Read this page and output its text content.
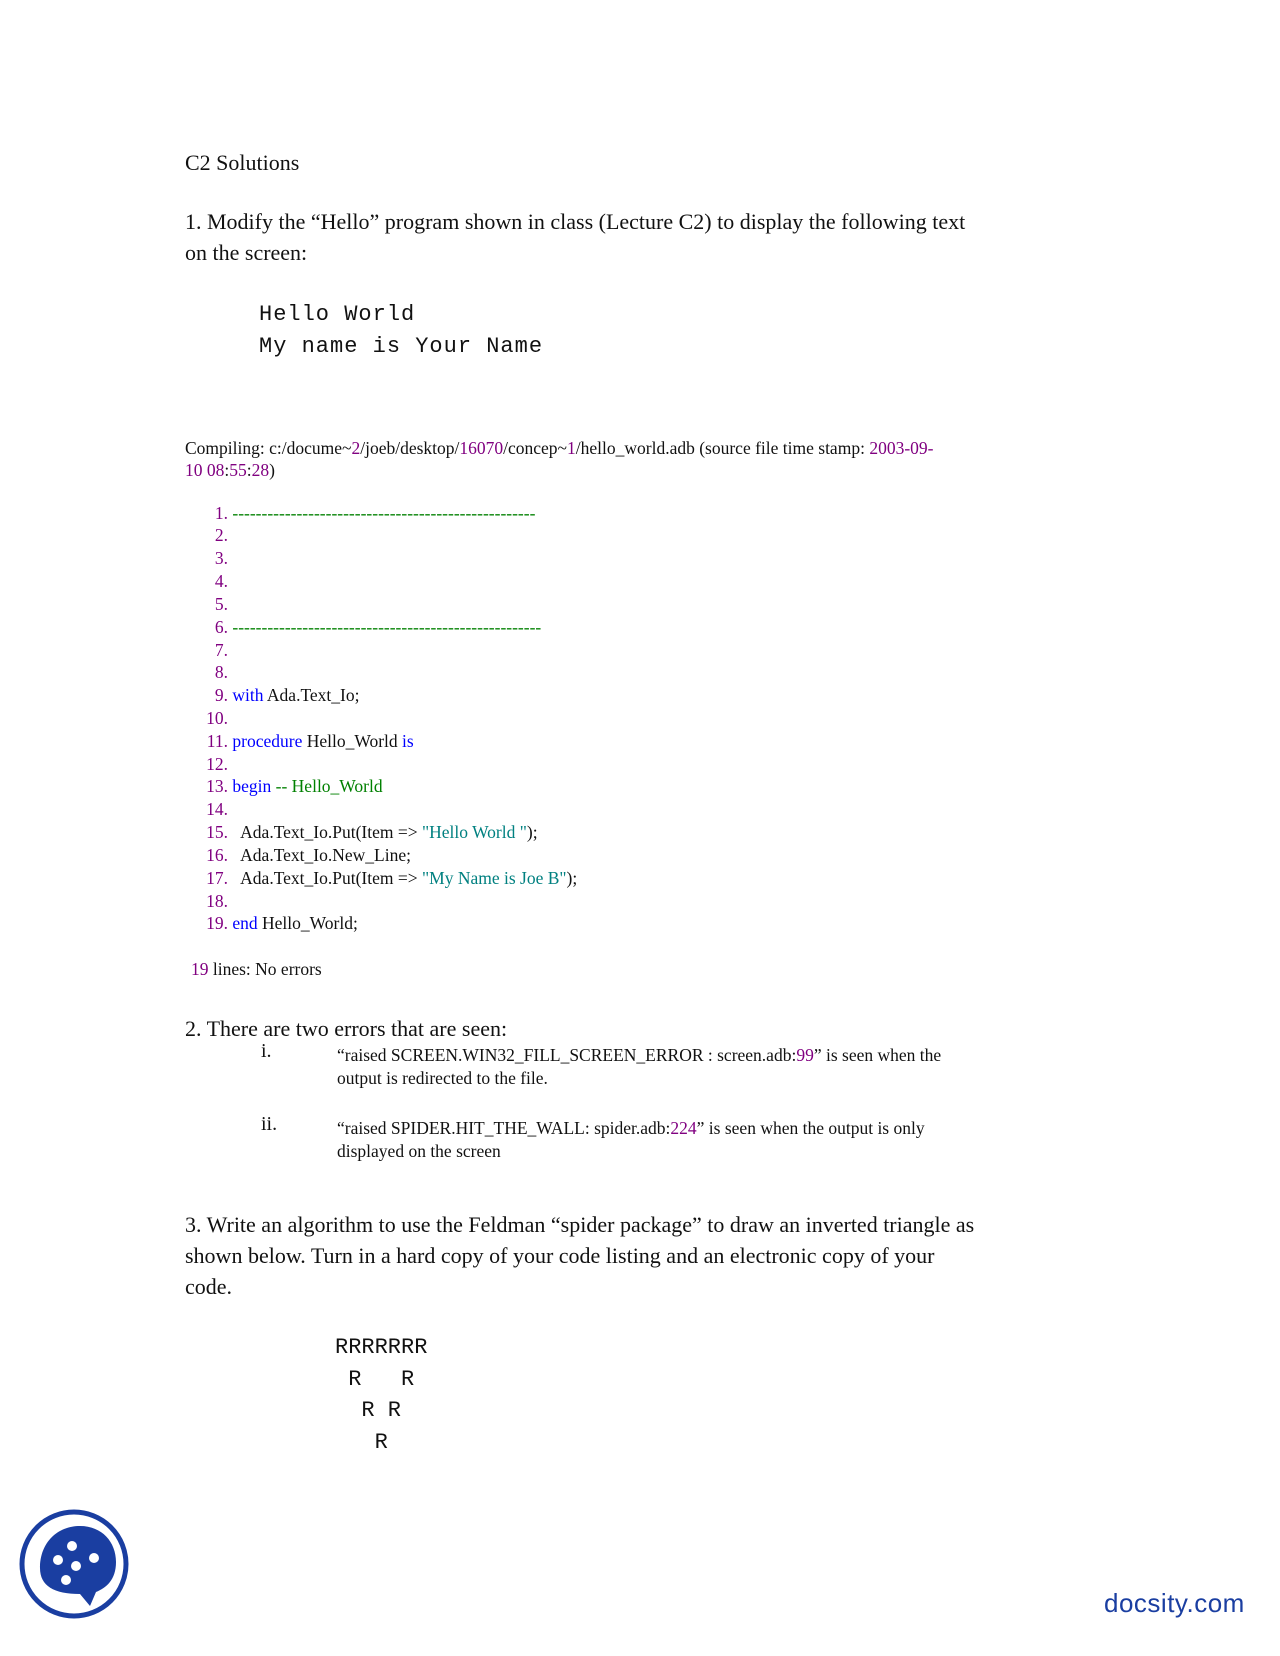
C2 Solutions
1. Modify the “Hello” program shown in class (Lecture C2) to display the following text
on the screen:
Hello World
My name is Your Name
Compiling: c:/docume~2/joeb/desktop/16070/concep~1/hello_world.adb (source file time stamp: 2003-09-
10 08:55:28)
1. ----------------------------------------------------
2.
3.
4.
5.
6. -----------------------------------------------------
7.
8.
9. with Ada.Text_Io;
10.
11. procedure Hello_World is
12.
13. begin -- Hello_World
14.
15.   Ada.Text_Io.Put(Item => "Hello World ");
16.   Ada.Text_Io.New_Line;
17.   Ada.Text_Io.Put(Item => "My Name is Joe B");
18.
19. end Hello_World;
19 lines: No errors
2. There are two errors that are seen:
i.	“raised SCREEN.WIN32_FILL_SCREEN_ERROR : screen.adb:99” is seen when the
output is redirected to the file.
ii.	“raised SPIDER.HIT_THE_WALL: spider.adb:224” is seen when the output is only
displayed on the screen
3. Write an algorithm to use the Feldman “spider package” to draw an inverted triangle as
shown below. Turn in a hard copy of your code listing and an electronic copy of your
code.
RRRRRRR
R   R
R R
R
docsity.com
